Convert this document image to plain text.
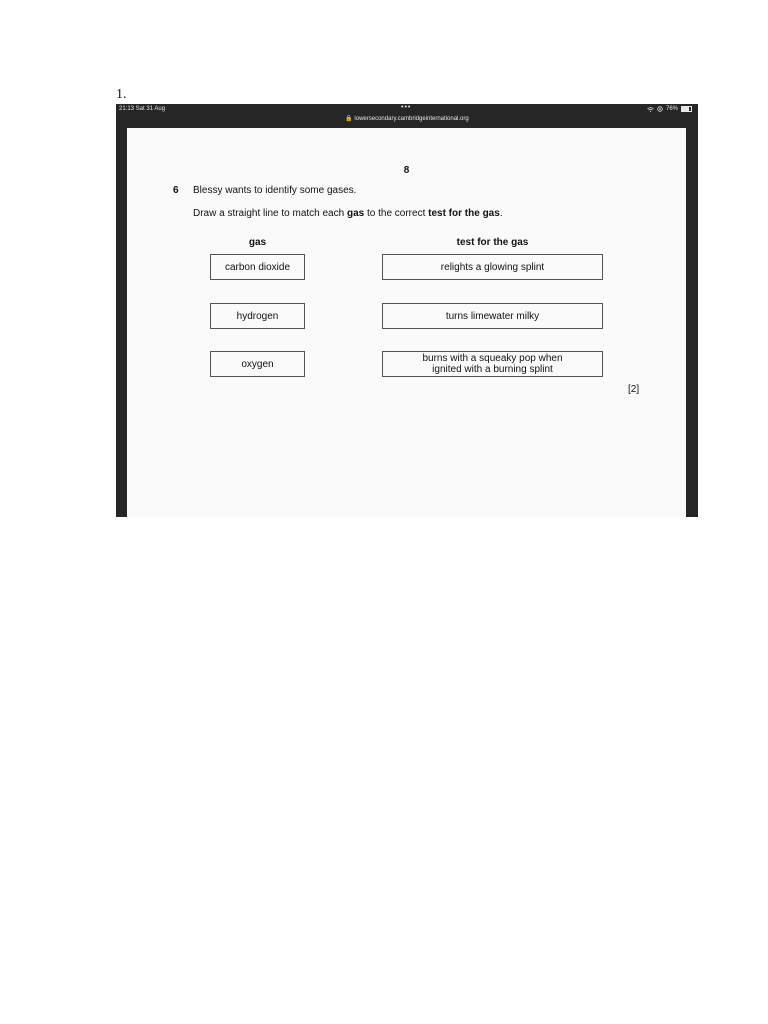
1.
21:13 Sat 31 Aug	•••
🔒 lowersecondary.cambridgeinternational.org
76%
8
6 Blessy wants to identify some gases.
Draw a straight line to match each gas to the correct test for the gas.
gas	test for the gas
carbon dioxide
hydrogen
oxygen
relights a glowing splint
turns limewater milky
burns with a squeaky pop when ignited with a burning splint
[2]
